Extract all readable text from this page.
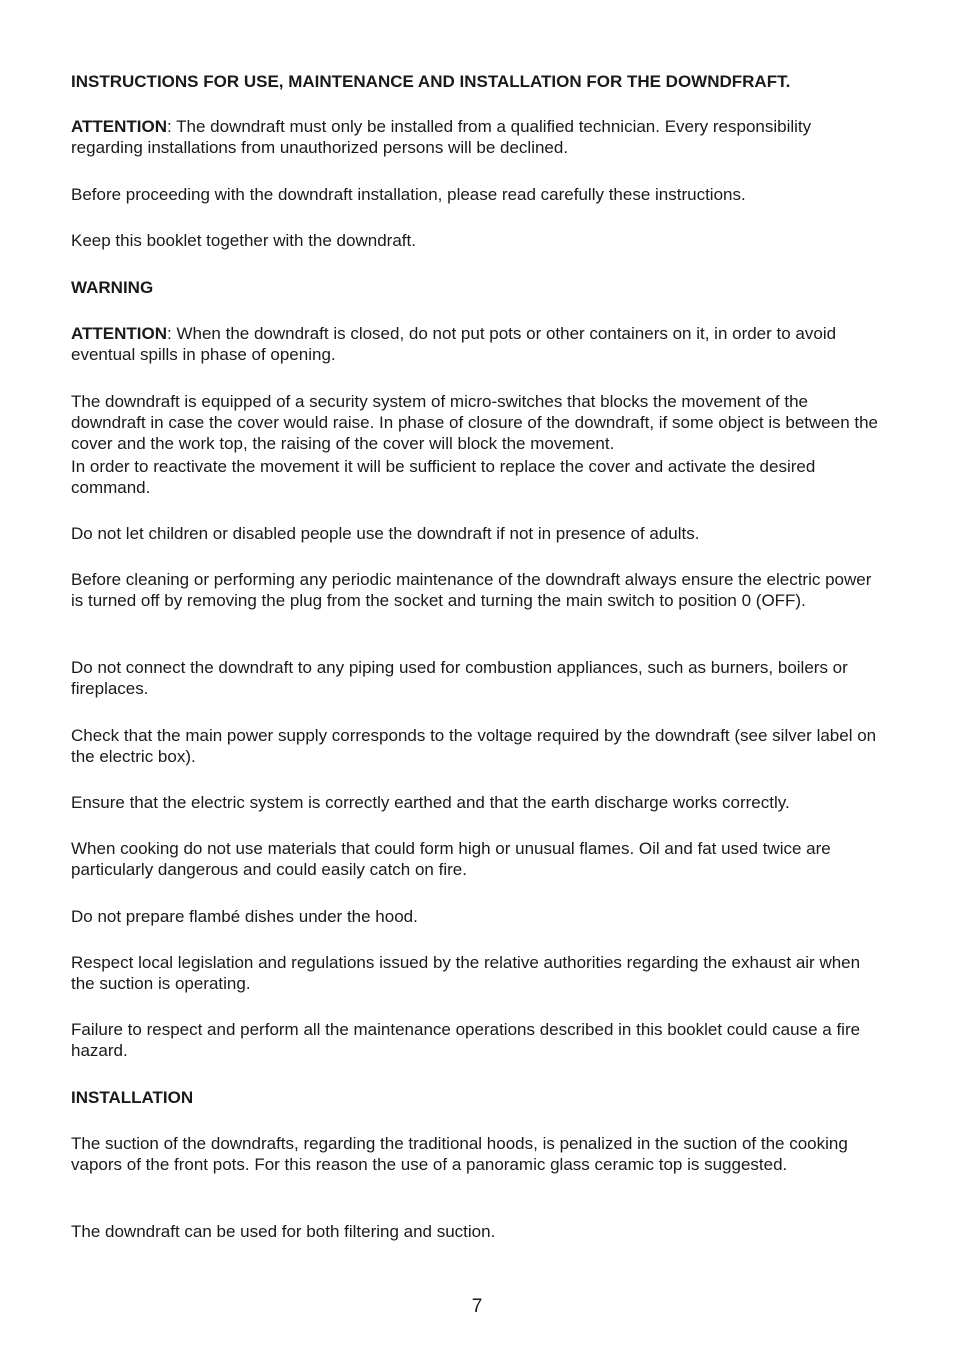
INSTRUCTIONS FOR USE, MAINTENANCE AND INSTALLATION FOR THE DOWNDFRAFT.

ATTENTION: The downdraft must only be installed from a qualified technician. Every responsibility regarding installations from unauthorized persons will be declined.

Before proceeding with the downdraft installation, please read carefully these instructions.

Keep this booklet together with the downdraft.

WARNING

ATTENTION: When the downdraft is closed, do not put pots or other containers on it, in order to avoid eventual spills in phase of opening.

The downdraft is equipped of a security system of micro-switches that blocks the movement of the downdraft in case the cover would raise. In phase of closure of the downdraft, if some object is between the cover and the work top, the raising of the cover will block the movement.

In order to reactivate the movement it will be sufficient to replace the cover and activate the desired command.

Do not let children or disabled people use the downdraft if not in presence of adults.

Before cleaning or performing any periodic maintenance of the downdraft always ensure the electric power is turned off by removing the plug from the socket and turning the main switch to position 0 (OFF).

Do not connect the downdraft to any piping used for combustion appliances, such as burners, boilers or fireplaces.

Check that the main power supply corresponds to the voltage required by the downdraft (see silver label on the electric box).

Ensure that the electric system is correctly earthed and that the earth discharge works correctly.

When cooking do not use materials that could form high or unusual flames. Oil and fat used twice are particularly dangerous and could easily catch on fire.

Do not prepare flambé dishes under the hood.

Respect local legislation and regulations issued by the relative authorities regarding the exhaust air when the suction is operating.

Failure to respect and perform all the maintenance operations described in this booklet could cause a fire hazard.

INSTALLATION

The suction of the downdrafts, regarding the traditional hoods, is penalized in the suction of the cooking vapors of the front pots. For this reason the use of a panoramic glass ceramic top is suggested.

The downdraft can be used for both filtering and suction.

7
